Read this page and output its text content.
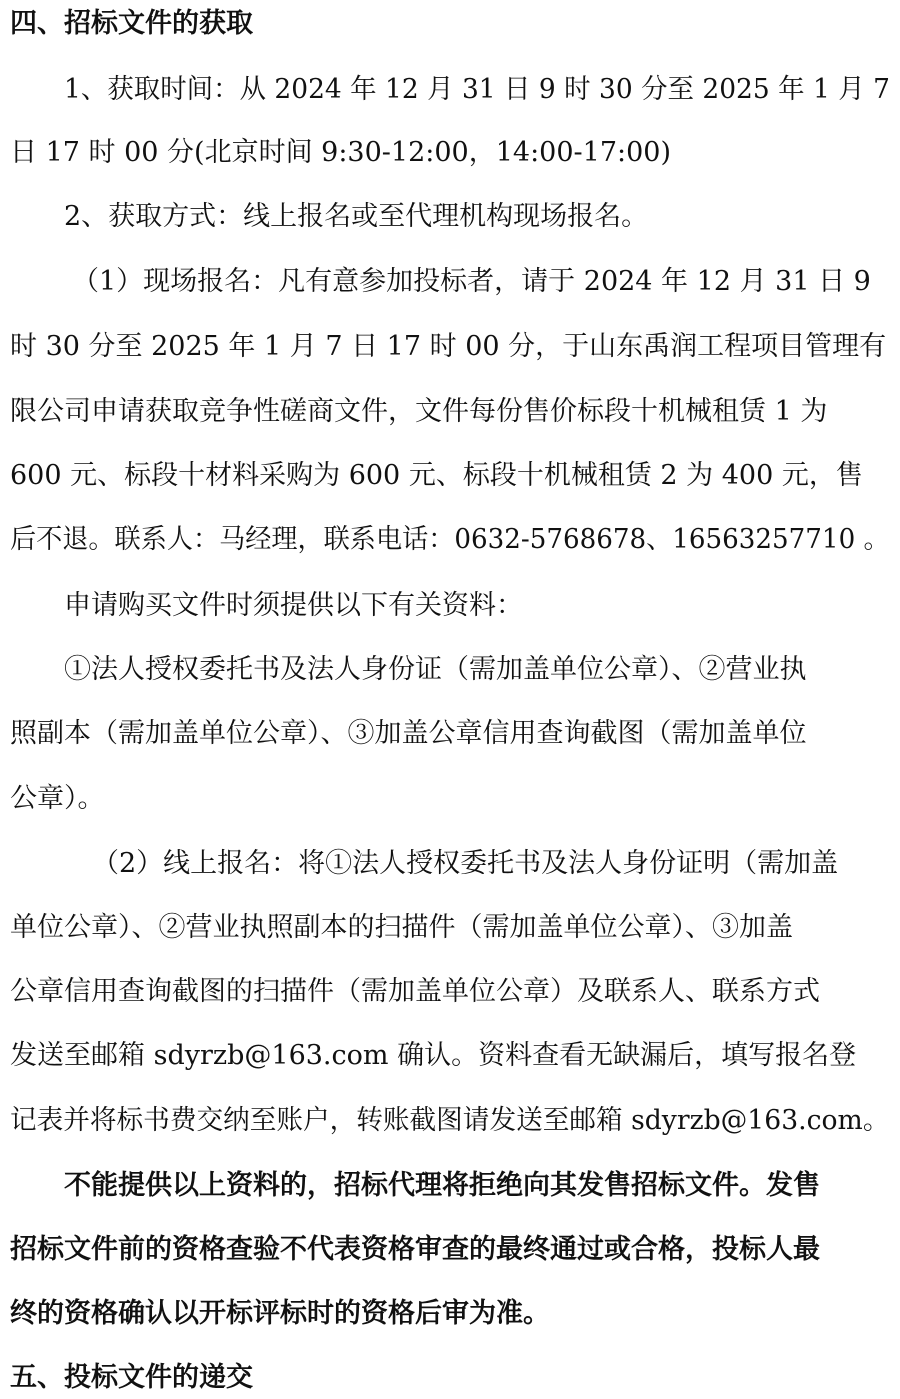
四、招标文件的获取
1、获取时间：从 2024 年 12 月 31 日 9 时 30 分至 2025 年 1 月 7
日 17 时 00 分(北京时间 9:30-12:00，14:00-17:00)
2、获取方式：线上报名或至代理机构现场报名。
（1）现场报名：凡有意参加投标者，请于 2024 年 12 月 31 日 9
时 30 分至 2025 年 1 月 7 日 17 时 00 分，于山东禹润工程项目管理有
限公司申请获取竞争性磋商文件，文件每份售价标段十机械租赁 1 为
600 元、标段十材料采购为 600 元、标段十机械租赁 2 为 400 元，售
后不退。联系人：马经理，联系电话：0632-5768678、16563257710 。
申请购买文件时须提供以下有关资料：
①法人授权委托书及法人身份证（需加盖单位公章）、②营业执
照副本（需加盖单位公章）、③加盖公章信用查询截图（需加盖单位
公章）。
（2）线上报名：将①法人授权委托书及法人身份证明（需加盖
单位公章）、②营业执照副本的扫描件（需加盖单位公章）、③加盖
公章信用查询截图的扫描件（需加盖单位公章）及联系人、联系方式
发送至邮箱 sdyrzb@163.com 确认。资料查看无缺漏后，填写报名登
记表并将标书费交纳至账户，转账截图请发送至邮箱 sdyrzb@163.com。
不能提供以上资料的，招标代理将拒绝向其发售招标文件。发售
招标文件前的资格查验不代表资格审查的最终通过或合格，投标人最
终的资格确认以开标评标时的资格后审为准。
五、投标文件的递交
